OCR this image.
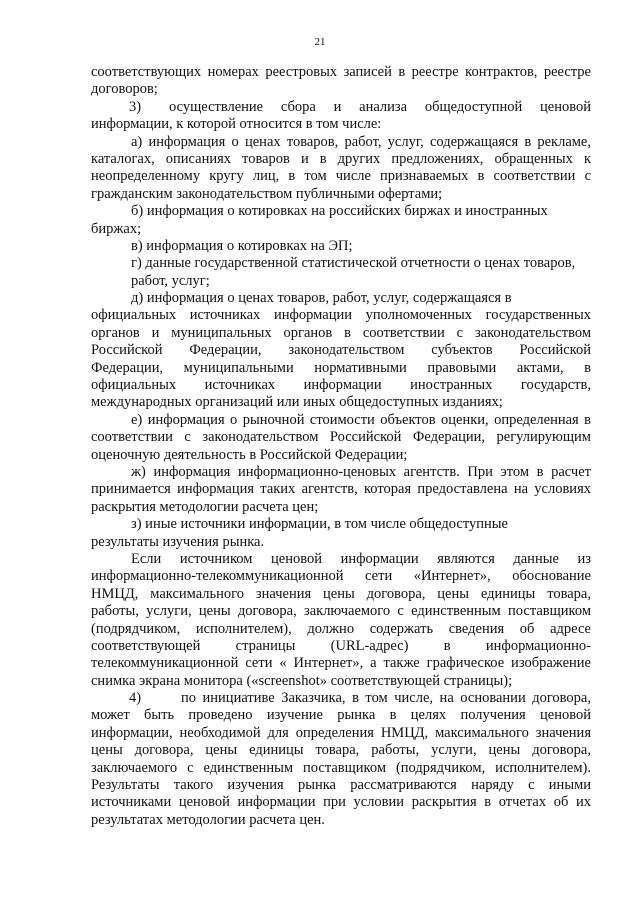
21
соответствующих номерах реестровых записей в реестре контрактов, реестре
договоров;
3) осуществление сбора и анализа общедоступной ценовой
информации, к которой относится в том числе:
а) информация о ценах товаров, работ, услуг, содержащаяся в рекламе,
каталогах, описаниях товаров и в других предложениях, обращенных к
неопределенному кругу лиц, в том числе признаваемых в соответствии с
гражданским законодательством публичными офертами;
б) информация о котировках на российских биржах и иностранных
биржах;
в) информация о котировках на ЭП;
г) данные государственной статистической отчетности о ценах товаров,
работ, услуг;
д) информация о ценах товаров, работ, услуг, содержащаяся в
официальных источниках информации уполномоченных государственных
органов и муниципальных органов в соответствии с законодательством
Российской Федерации, законодательством субъектов Российской
Федерации, муниципальными нормативными правовыми актами, в
официальных источниках информации иностранных государств,
международных организаций или иных общедоступных изданиях;
е) информация о рыночной стоимости объектов оценки, определенная в
соответствии с законодательством Российской Федерации, регулирующим
оценочную деятельность в Российской Федерации;
ж) информация информационно-ценовых агентств. При этом в расчет
принимается информация таких агентств, которая предоставлена на условиях
раскрытия методологии расчета цен;
з) иные источники информации, в том числе общедоступные
результаты изучения рынка.
Если источником ценовой информации являются данные из
информационно-телекоммуникационной сети «Интернет», обоснование
НМЦД, максимального значения цены договора, цены единицы товара,
работы, услуги, цены договора, заключаемого с единственным поставщиком
(подрядчиком, исполнителем), должно содержать сведения об адресе
соответствующей страницы (URL-адрес) в информационно-
телекоммуникационной сети « Интернет», а также графическое изображение
снимка экрана монитора («screenshot» соответствующей страницы);
4)	по инициативе Заказчика, в том числе, на основании договора,
может быть проведено изучение рынка в целях получения ценовой
информации, необходимой для определения НМЦД, максимального значения
цены договора, цены единицы товара, работы, услуги, цены договора,
заключаемого с единственным поставщиком (подрядчиком, исполнителем).
Результаты такого изучения рынка рассматриваются наряду с иными
источниками ценовой информации при условии раскрытия в отчетах об их
результатах методологии расчета цен.
